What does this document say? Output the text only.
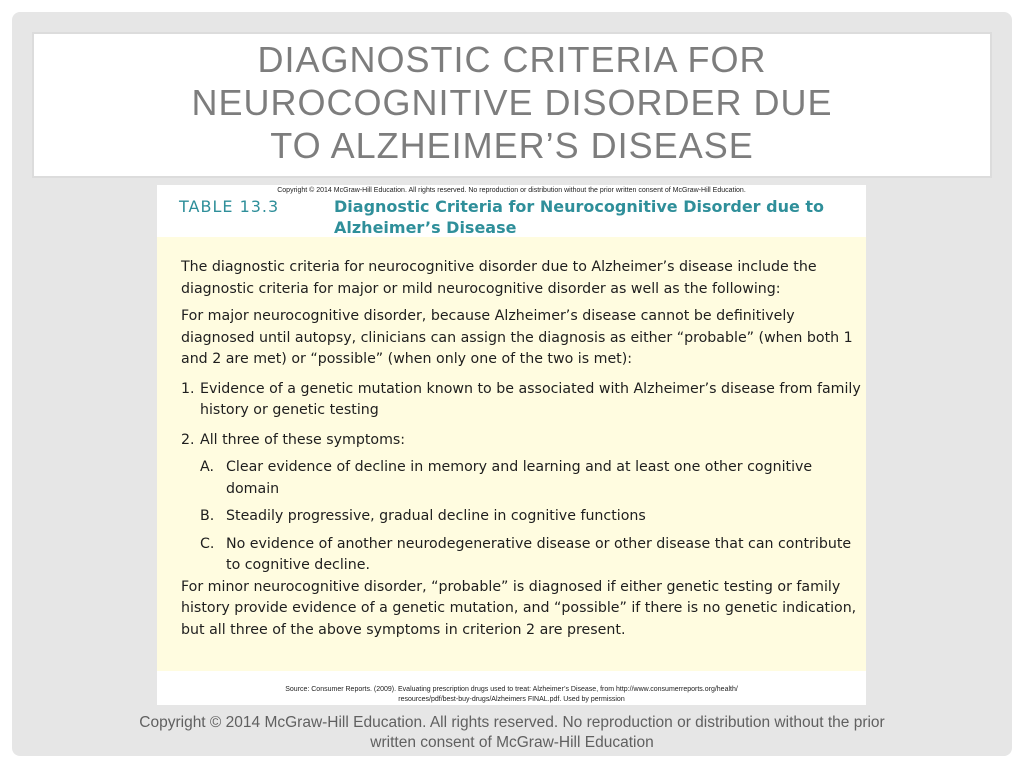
DIAGNOSTIC CRITERIA FOR
NEUROCOGNITIVE DISORDER DUE
TO ALZHEIMER’S DISEASE
Copyright © 2014 McGraw-Hill Education. All rights reserved. No reproduction or distribution without the prior written consent of McGraw-Hill Education.
TABLE 13.3	Diagnostic Criteria for Neurocognitive Disorder due to Alzheimer’s Disease

The diagnostic criteria for neurocognitive disorder due to Alzheimer’s disease include the diagnostic criteria for major or mild neurocognitive disorder as well as the following:

For major neurocognitive disorder, because Alzheimer’s disease cannot be definitively diagnosed until autopsy, clinicians can assign the diagnosis as either “probable” (when both 1 and 2 are met) or “possible” (when only one of the two is met):

1. Evidence of a genetic mutation known to be associated with Alzheimer’s disease from family history or genetic testing
2. All three of these symptoms:
A. Clear evidence of decline in memory and learning and at least one other cognitive domain
B. Steadily progressive, gradual decline in cognitive functions
C. No evidence of another neurodegenerative disease or other disease that can contribute to cognitive decline.

For minor neurocognitive disorder, “probable” is diagnosed if either genetic testing or family history provide evidence of a genetic mutation, and “possible” if there is no genetic indication, but all three of the above symptoms in criterion 2 are present.

Source: Consumer Reports. (2009). Evaluating prescription drugs used to treat: Alzheimer’s Disease, from http://www.consumerreports.org/health/
resources/pdf/best-buy-drugs/Alzheimers FINAL.pdf. Used by permission
Copyright © 2014 McGraw-Hill Education. All rights reserved. No reproduction or distribution without the prior
written consent of McGraw-Hill Education
